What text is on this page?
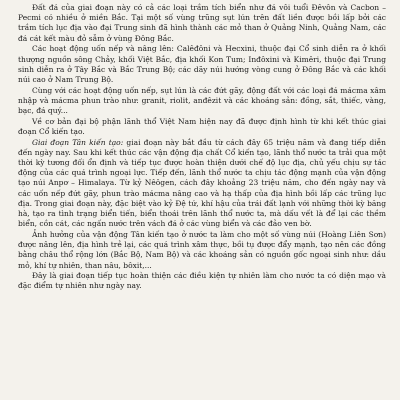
Đất đá của giai đoạn này có cả các loại trầm tích biển như đá vôi tuổi Đêvôn và Cacbon – Pecmi có nhiều ở miền Bắc. Tại một số vùng trũng sụt lún trên đất liền được bồi lấp bởi các trầm tích lục địa vào đại Trung sinh đã hình thành các mỏ than ở Quảng Ninh, Quảng Nam, các đá cát kết màu đỏ sẫm ở vùng Đông Bắc.

Các hoạt động uốn nếp và nâng lên: Calêđôni và Hecxini, thuộc đại Cổ sinh diễn ra ở khối thượng nguồn sông Chảy, khối Việt Bắc, địa khối Kon Tum; Inđôxini và Kimêri, thuộc đại Trung sinh diễn ra ở Tây Bắc và Bắc Trung Bộ; các dãy núi hướng vòng cung ở Đông Bắc và các khối núi cao ở Nam Trung Bộ.

Cùng với các hoạt động uốn nếp, sụt lún là các đứt gãy, động đất với các loại đá mácma xâm nhập và mácma phun trào như: granit, riolit, anđêzit và các khoáng sản: đồng, sắt, thiếc, vàng, bạc, đá quý...

Về cơ bản đại bộ phận lãnh thổ Việt Nam hiện nay đã được định hình từ khi kết thúc giai đoạn Cổ kiến tạo.

Giai đoạn Tân kiến tạo: giai đoạn này bắt đầu từ cách đây 65 triệu năm và đang tiếp diễn đến ngày nay. Sau khi kết thúc các vận động địa chất Cổ kiến tạo, lãnh thổ nước ta trải qua một thời kỳ tương đối ổn định và tiếp tục được hoàn thiện dưới chế độ lục địa, chủ yếu chịu sự tác động của các quá trình ngoại lực. Tiếp đến, lãnh thổ nước ta chịu tác động mạnh của vận động tạo núi Anpơ – Himalaya. Từ kỷ Nêôgen, cách đây khoảng 23 triệu năm, cho đến ngày nay và các uốn nếp đứt gãy, phun trào mácma nâng cao và hạ thấp của địa hình bồi lấp các trũng lục địa. Trong giai đoạn này, đặc biệt vào kỷ Đệ tứ, khí hậu của trái đất lạnh với những thời kỳ băng hà, tạo ra tình trạng biển tiến, biển thoái trên lãnh thổ nước ta, mà dấu vết là để lại các thềm biển, cồn cát, các ngấn nước trên vách đá ở các vùng biển và các đảo ven bờ.

Ảnh hưởng của vận động Tân kiến tạo ở nước ta làm cho một số vùng núi (Hoàng Liên Sơn) được nâng lên, địa hình trẻ lại, các quá trình xâm thực, bồi tụ được đẩy mạnh, tạo nên các đồng bằng châu thổ rộng lớn (Bắc Bộ, Nam Bộ) và các khoáng sản có nguồn gốc ngoại sinh như: dầu mỏ, khí tự nhiên, than nâu, bôxit,...

Đây là giai đoạn tiếp tục hoàn thiện các điều kiện tự nhiên làm cho nước ta có diện mạo và đặc điểm tự nhiên như ngày nay.
